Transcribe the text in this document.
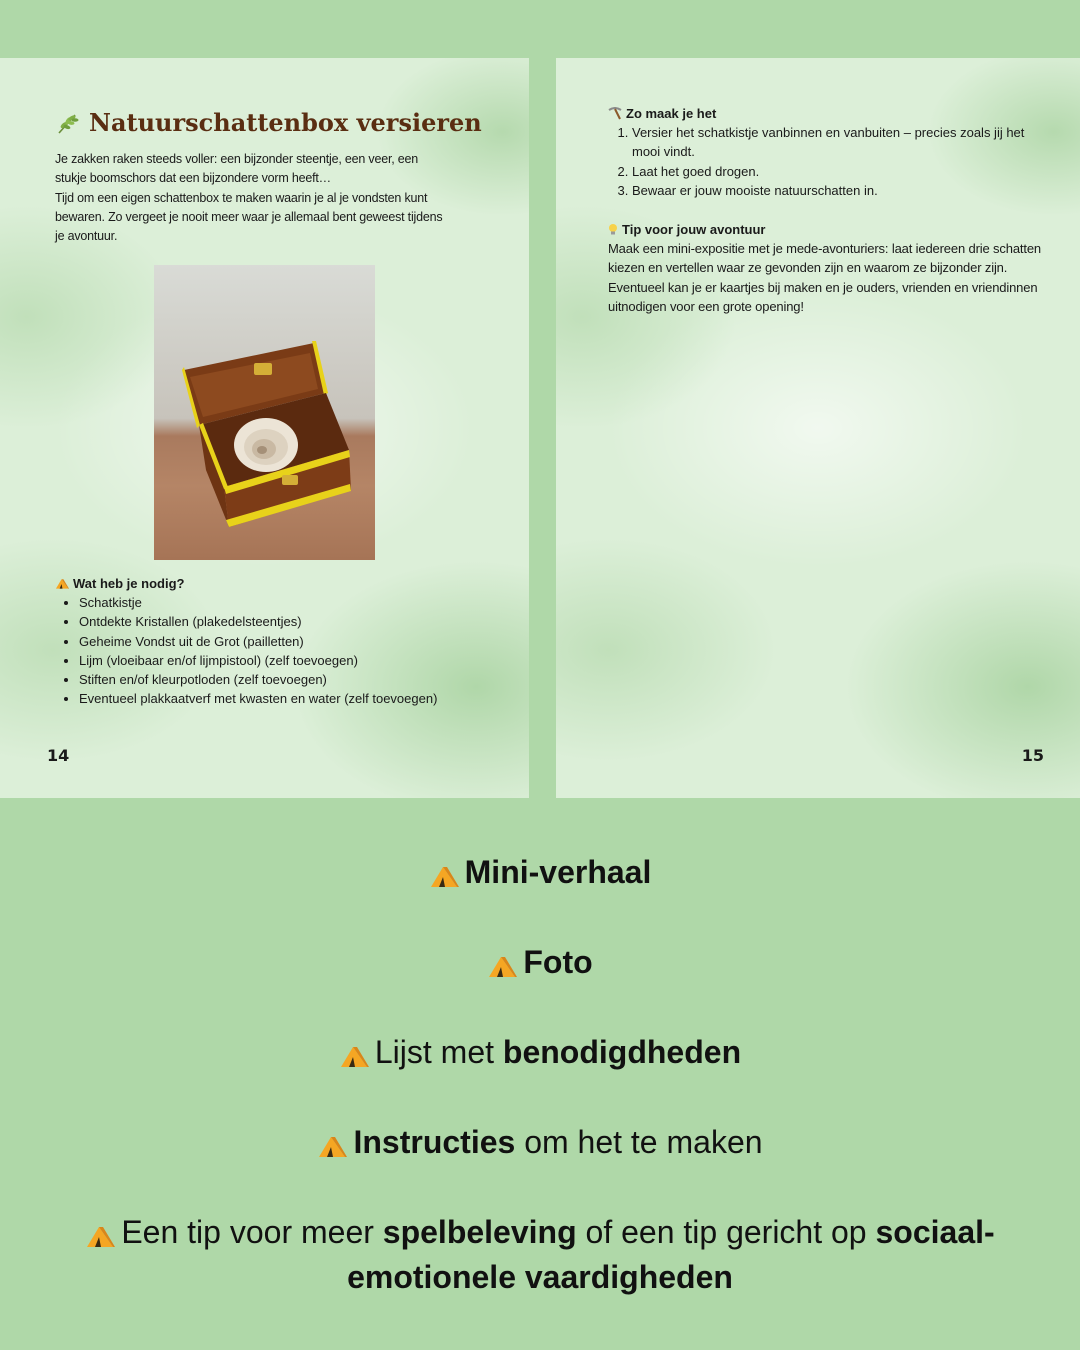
Natuurschattenbox versieren

Je zakken raken steeds voller: een bijzonder steentje, een veer, een stukje boomschors dat een bijzondere vorm heeft…

Tijd om een eigen schattenbox te maken waarin je al je vondsten kunt bewaren. Zo vergeet je nooit meer waar je allemaal bent geweest tijdens je avontuur.

Wat heb je nodig?
• Schatkistje
• Ontdekte Kristallen (plakedelsteentjes)
• Geheime Vondst uit de Grot (pailletten)
• Lijm (vloeibaar en/of lijmpistool) (zelf toevoegen)
• Stiften en/of kleurpotloden (zelf toevoegen)
• Eventueel plakkaatverf met kwasten en water (zelf toevoegen)
14
Zo maak je het
1. Versier het schatkistje vanbinnen en vanbuiten – precies zoals jij het mooi vindt.
2. Laat het goed drogen.
3. Bewaar er jouw mooiste natuurschatten in.
Tip voor jouw avontuur

Maak een mini-expositie met je mede-avonturiers: laat iedereen drie schatten kiezen en vertellen waar ze gevonden zijn en waarom ze bijzonder zijn. Eventueel kan je er kaartjes bij maken en je ouders, vrienden en vriendinnen uitnodigen voor een grote opening!

15
Mini-verhaal
Foto
Lijst met benodigdheden
Instructies om het te maken
Een tip voor meer spelbeleving of een tip gericht op sociaal-emotionele vaardigheden
